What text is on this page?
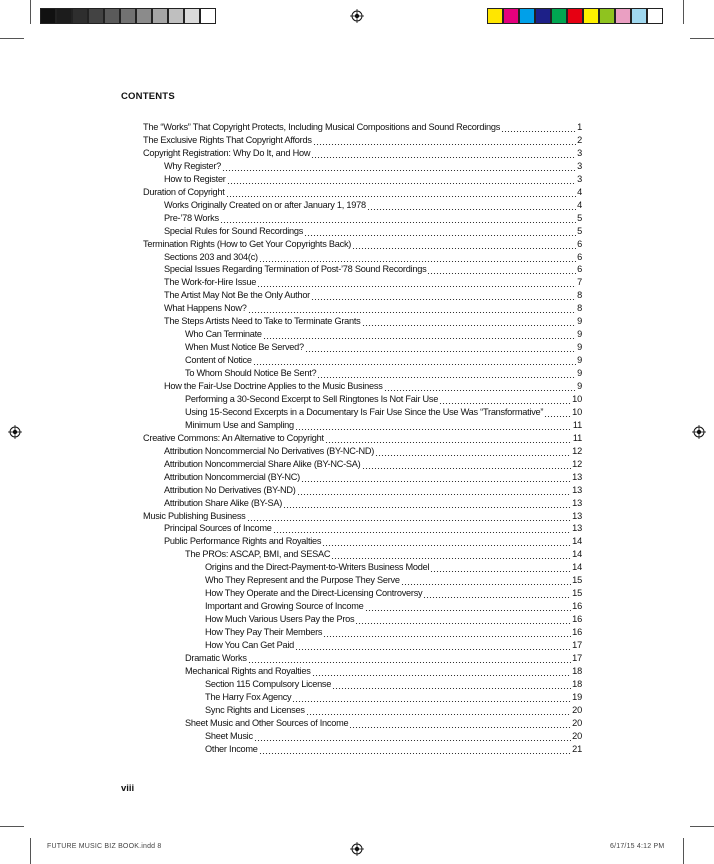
CONTENTS
The “Works” That Copyright Protects, Including Musical Compositions and Sound Recordings	1
The Exclusive Rights That Copyright Affords	2
Copyright Registration: Why Do It, and How	3
Why Register?	3
How to Register	3
Duration of Copyright	4
Works Originally Created on or after January 1, 1978	4
Pre-’78 Works	5
Special Rules for Sound Recordings	5
Termination Rights (How to Get Your Copyrights Back)	6
Sections 203 and 304(c)	6
Special Issues Regarding Termination of Post-’78 Sound Recordings	6
The Work-for-Hire Issue	7
The Artist May Not Be the Only Author	8
What Happens Now?	8
The Steps Artists Need to Take to Terminate Grants	9
Who Can Terminate	9
When Must Notice Be Served?	9
Content of Notice	9
To Whom Should Notice Be Sent?	9
How the Fair-Use Doctrine Applies to the Music Business	9
Performing a 30-Second Excerpt to Sell Ringtones Is Not Fair Use	10
Using 15-Second Excerpts in a Documentary Is Fair Use Since the Use Was “Transformative”	10
Minimum Use and Sampling	11
Creative Commons: An Alternative to Copyright	11
Attribution Noncommercial No Derivatives (BY-NC-ND)	12
Attribution Noncommercial Share Alike (BY-NC-SA)	12
Attribution Noncommercial (BY-NC)	13
Attribution No Derivatives (BY-ND)	13
Attribution Share Alike (BY-SA)	13
Music Publishing Business	13
Principal Sources of Income	13
Public Performance Rights and Royalties	14
The PROs: ASCAP, BMI, and SESAC	14
Origins and the Direct-Payment-to-Writers Business Model	14
Who They Represent and the Purpose They Serve	15
How They Operate and the Direct-Licensing Controversy	15
Important and Growing Source of Income	16
How Much Various Users Pay the Pros	16
How They Pay Their Members	16
How You Can Get Paid	17
Dramatic Works	17
Mechanical Rights and Royalties	18
Section 115 Compulsory License	18
The Harry Fox Agency	19
Sync Rights and Licenses	20
Sheet Music and Other Sources of Income	20
Sheet Music	20
Other Income	21
viii
FUTURE MUSIC BIZ BOOK.indd 8	6/17/15 4:12 PM
